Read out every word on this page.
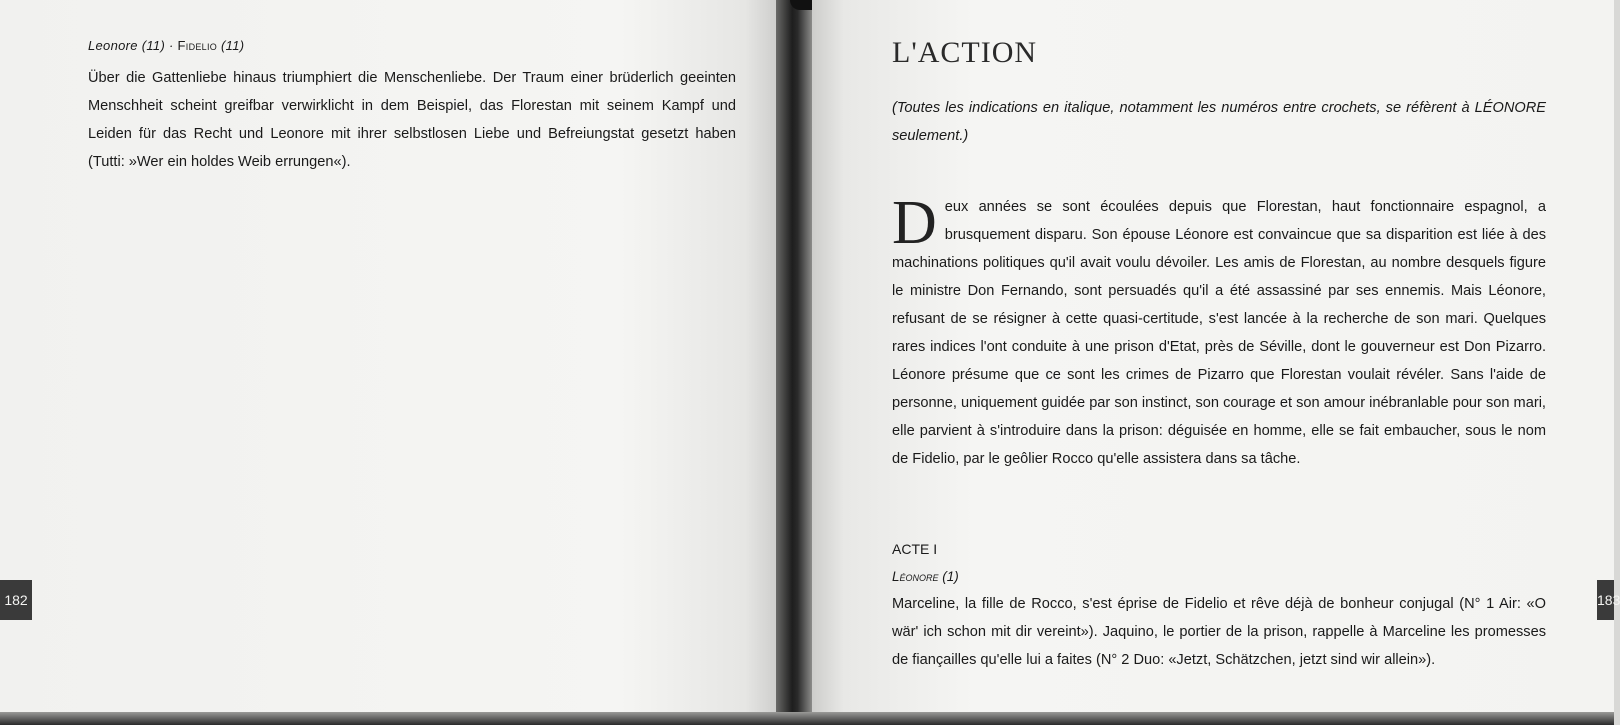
Leonore (11) · Fidelio (11)

Über die Gattenliebe hinaus triumphiert die Menschenliebe. Der Traum einer brüderlich geeinten Menschheit scheint greifbar verwirklicht in dem Beispiel, das Florestan mit seinem Kampf und Leiden für das Recht und Leonore mit ihrer selbstlosen Liebe und Befreiungstat gesetzt haben (Tutti: »Wer ein holdes Weib errungen«).

182
L'ACTION

(Toutes les indications en italique, notamment les numéros entre crochets, se réfèrent à LÉONORE seulement.)

Deux années se sont écoulées depuis que Florestan, haut fonctionnaire espagnol, a brusquement disparu. Son épouse Léonore est convaincue que sa disparition est liée à des machinations politiques qu'il avait voulu dévoiler. Les amis de Florestan, au nombre desquels figure le ministre Don Fernando, sont persuadés qu'il a été assassiné par ses ennemis. Mais Léonore, refusant de se résigner à cette quasi-certitude, s'est lancée à la recherche de son mari. Quelques rares indices l'ont conduite à une prison d'Etat, près de Séville, dont le gouverneur est Don Pizarro. Léonore présume que ce sont les crimes de Pizarro que Florestan voulait révéler. Sans l'aide de personne, uniquement guidée par son instinct, son courage et son amour inébranlable pour son mari, elle parvient à s'introduire dans la prison: déguisée en homme, elle se fait embaucher, sous le nom de Fidelio, par le geôlier Rocco qu'elle assistera dans sa tâche.

ACTE I
Léonore (1)

Marceline, la fille de Rocco, s'est éprise de Fidelio et rêve déjà de bonheur conjugal (N° 1 Air: «O wär' ich schon mit dir vereint»). Jaquino, le portier de la prison, rappelle à Marceline les promesses de fiançailles qu'elle lui a faites (N° 2 Duo: «Jetzt, Schätzchen, jetzt sind wir allein»).

183
